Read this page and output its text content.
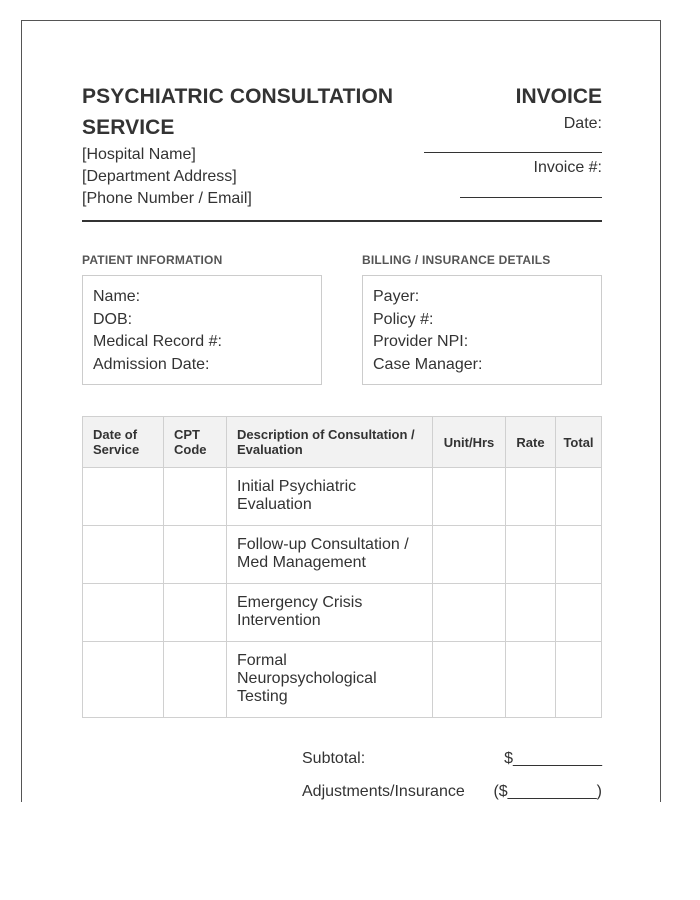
PSYCHIATRIC CONSULTATION SERVICE
[Hospital Name]
[Department Address]
[Phone Number / Email]
INVOICE
Date:
Invoice #:
PATIENT INFORMATION	BILLING / INSURANCE DETAILS
Name:
DOB:
Medical Record #:
Admission Date:
Payer:
Policy #:
Provider NPI:
Case Manager:
Date of Service	CPT Code	Description of Consultation / Evaluation	Unit/Hrs	Rate	Total
		Initial Psychiatric Evaluation			
		Follow-up Consultation / Med Management			
		Emergency Crisis Intervention			
		Formal Neuropsychological Testing			
Subtotal:	$__________
Adjustments/Insurance ($__________)
